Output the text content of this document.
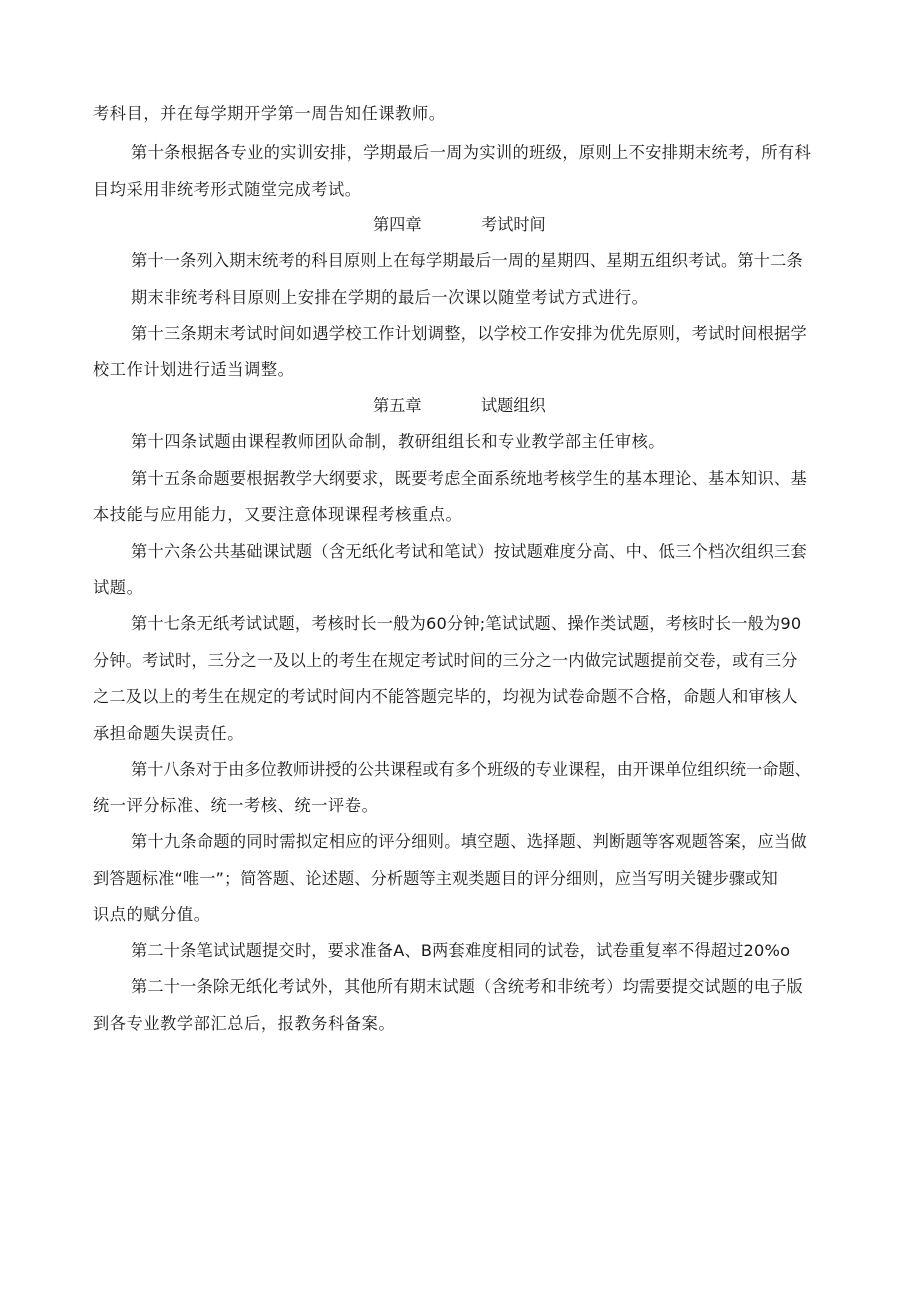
考科目，并在每学期开学第一周告知任课教师。
第十条根据各专业的实训安排，学期最后一周为实训的班级，原则上不安排期末统考，所有科
目均采用非统考形式随堂完成考试。
第四章	考试时间
第十一条列入期末统考的科目原则上在每学期最后一周的星期四、星期五组织考试。第十二条
期末非统考科目原则上安排在学期的最后一次课以随堂考试方式进行。
第十三条期末考试时间如遇学校工作计划调整，以学校工作安排为优先原则，考试时间根据学
校工作计划进行适当调整。
第五章	试题组织
第十四条试题由课程教师团队命制，教研组组长和专业教学部主任审核。
第十五条命题要根据教学大纲要求，既要考虑全面系统地考核学生的基本理论、基本知识、基
本技能与应用能力，又要注意体现课程考核重点。
第十六条公共基础课试题（含无纸化考试和笔试）按试题难度分高、中、低三个档次组织三套
试题。
第十七条无纸考试试题，考核时长一般为60分钟;笔试试题、操作类试题，考核时长一般为90
分钟。考试时，三分之一及以上的考生在规定考试时间的三分之一内做完试题提前交卷，或有三分
之二及以上的考生在规定的考试时间内不能答题完毕的，均视为试卷命题不合格，命题人和审核人
承担命题失误责任。
第十八条对于由多位教师讲授的公共课程或有多个班级的专业课程，由开课单位组织统一命题、
统一评分标准、统一考核、统一评卷。
第十九条命题的同时需拟定相应的评分细则。填空题、选择题、判断题等客观题答案，应当做
到答题标准“唯一”；简答题、论述题、分析题等主观类题目的评分细则，应当写明关键步骤或知
识点的赋分值。
第二十条笔试试题提交时，要求准备A、B两套难度相同的试卷，试卷重复率不得超过20%o
第二十一条除无纸化考试外，其他所有期末试题（含统考和非统考）均需要提交试题的电子版
到各专业教学部汇总后，报教务科备案。
